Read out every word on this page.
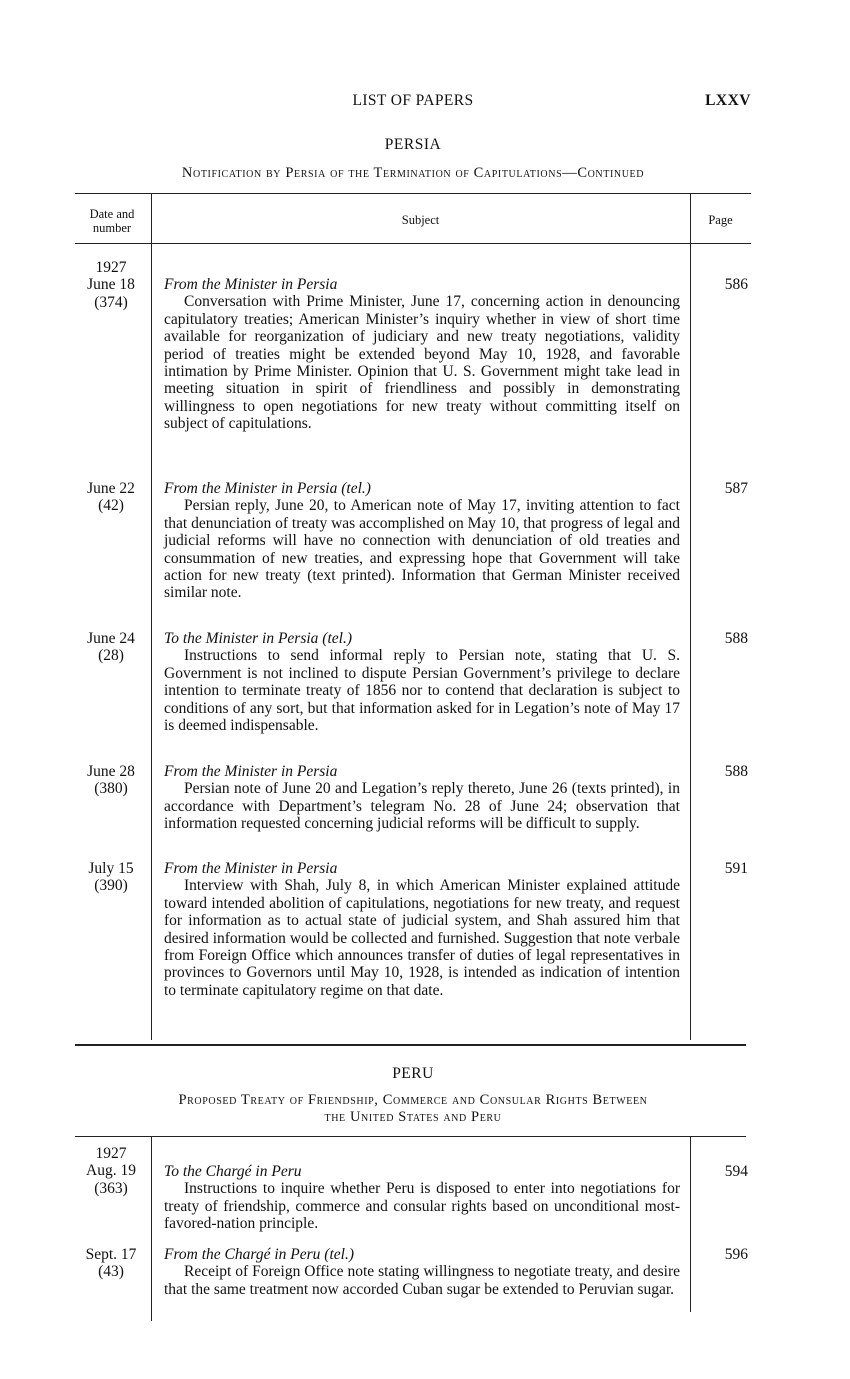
LIST OF PAPERS	LXXV
PERSIA
Notification by Persia of the Termination of Capitulations—Continued
Date and number
Subject	Page
1927
June 18
(374)
From the Minister in Persia
Conversation with Prime Minister, June 17, concerning action in denouncing capitulatory treaties; American Minister’s inquiry whether in view of short time available for reorganization of judiciary and new treaty negotiations, validity period of treaties might be extended beyond May 10, 1928, and favorable intimation by Prime Minister. Opinion that U. S. Government might take lead in meeting situation in spirit of friendliness and possibly in demonstrating willingness to open negotiations for new treaty without committing itself on subject of capitulations.
586
June 22
(42)
From the Minister in Persia (tel.)
Persian reply, June 20, to American note of May 17, inviting attention to fact that denunciation of treaty was accomplished on May 10, that progress of legal and judicial reforms will have no connection with denunciation of old treaties and consummation of new treaties, and expressing hope that Government will take action for new treaty (text printed). Information that German Minister received similar note.
587
June 24
(28)
To the Minister in Persia (tel.)
Instructions to send informal reply to Persian note, stating that U. S. Government is not inclined to dispute Persian Government’s privilege to declare intention to terminate treaty of 1856 nor to contend that declaration is subject to conditions of any sort, but that information asked for in Legation’s note of May 17 is deemed indispensable.
588
June 28
(380)
From the Minister in Persia
Persian note of June 20 and Legation’s reply thereto, June 26 (texts printed), in accordance with Department’s telegram No. 28 of June 24; observation that information requested concerning judicial reforms will be difficult to supply.
588
July 15
(390)
From the Minister in Persia
Interview with Shah, July 8, in which American Minister explained attitude toward intended abolition of capitulations, negotiations for new treaty, and request for information as to actual state of judicial system, and Shah assured him that desired information would be collected and furnished. Suggestion that note verbale from Foreign Office which announces transfer of duties of legal representatives in provinces to Governors until May 10, 1928, is intended as indication of intention to terminate capitulatory regime on that date.
591
PERU
Proposed Treaty of Friendship, Commerce and Consular Rights Between
the United States and Peru
1927
Aug. 19
(363)
To the Chargé in Peru
Instructions to inquire whether Peru is disposed to enter into negotiations for treaty of friendship, commerce and consular rights based on unconditional most-favored-nation principle.
594
Sept. 17
(43)
From the Chargé in Peru (tel.)
Receipt of Foreign Office note stating willingness to negotiate treaty, and desire that the same treatment now accorded Cuban sugar be extended to Peruvian sugar.
596
